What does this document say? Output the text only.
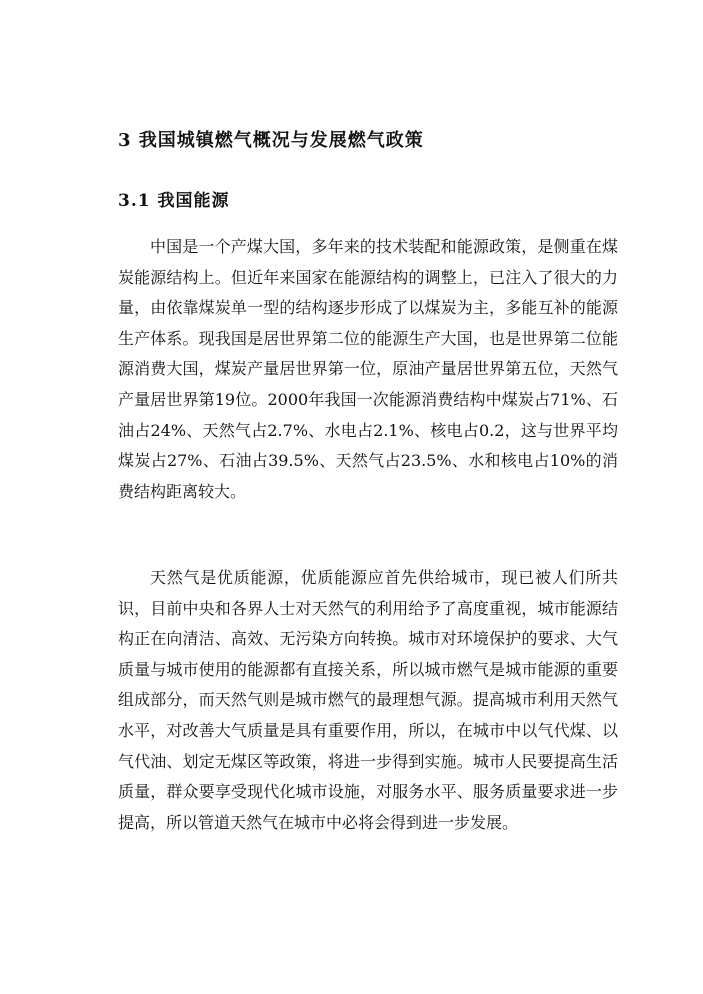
3 我国城镇燃气概况与发展燃气政策
3.1 我国能源

中国是一个产煤大国，多年来的技术装配和能源政策，是侧重在煤炭能源结构上。但近年来国家在能源结构的调整上，已注入了很大的力量，由依靠煤炭单一型的结构逐步形成了以煤炭为主，多能互补的能源生产体系。现我国是居世界第二位的能源生产大国，也是世界第二位能源消费大国，煤炭产量居世界第一位，原油产量居世界第五位，天然气产量居世界第19位。2000年我国一次能源消费结构中煤炭占71%、石油占24%、天然气占2.7%、水电占2.1%、核电占0.2，这与世界平均煤炭占27%、石油占39.5%、天然气占23.5%、水和核电占10%的消费结构距离较大。

天然气是优质能源，优质能源应首先供给城市，现已被人们所共识，目前中央和各界人士对天然气的利用给予了高度重视，城市能源结构正在向清洁、高效、无污染方向转换。城市对环境保护的要求、大气质量与城市使用的能源都有直接关系，所以城市燃气是城市能源的重要组成部分，而天然气则是城市燃气的最理想气源。提高城市利用天然气水平，对改善大气质量是具有重要作用，所以，在城市中以气代煤、以气代油、划定无煤区等政策，将进一步得到实施。城市人民要提高生活质量，群众要享受现代化城市设施，对服务水平、服务质量要求进一步提高，所以管道天然气在城市中必将会得到进一步发展。
